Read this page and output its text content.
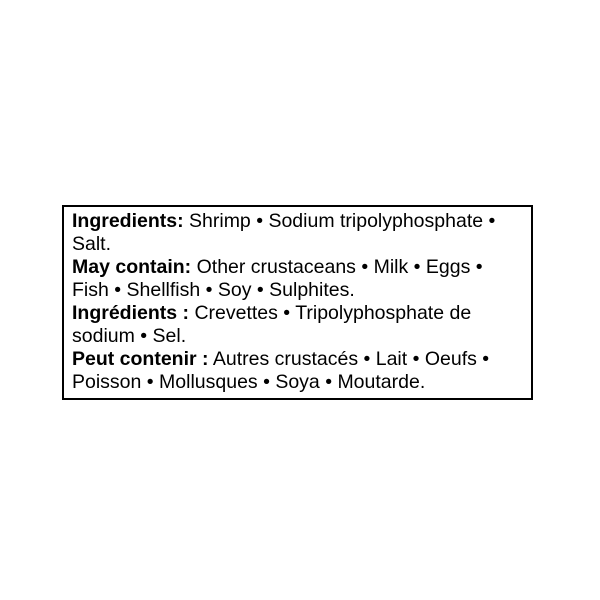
Ingredients: Shrimp • Sodium tripolyphosphate • Salt.

May contain: Other crustaceans • Milk • Eggs • Fish • Shellfish • Soy • Sulphites.

Ingrédients : Crevettes • Tripolyphosphate de sodium • Sel.

Peut contenir : Autres crustacés • Lait • Oeufs • Poisson • Mollusques • Soya • Moutarde.
